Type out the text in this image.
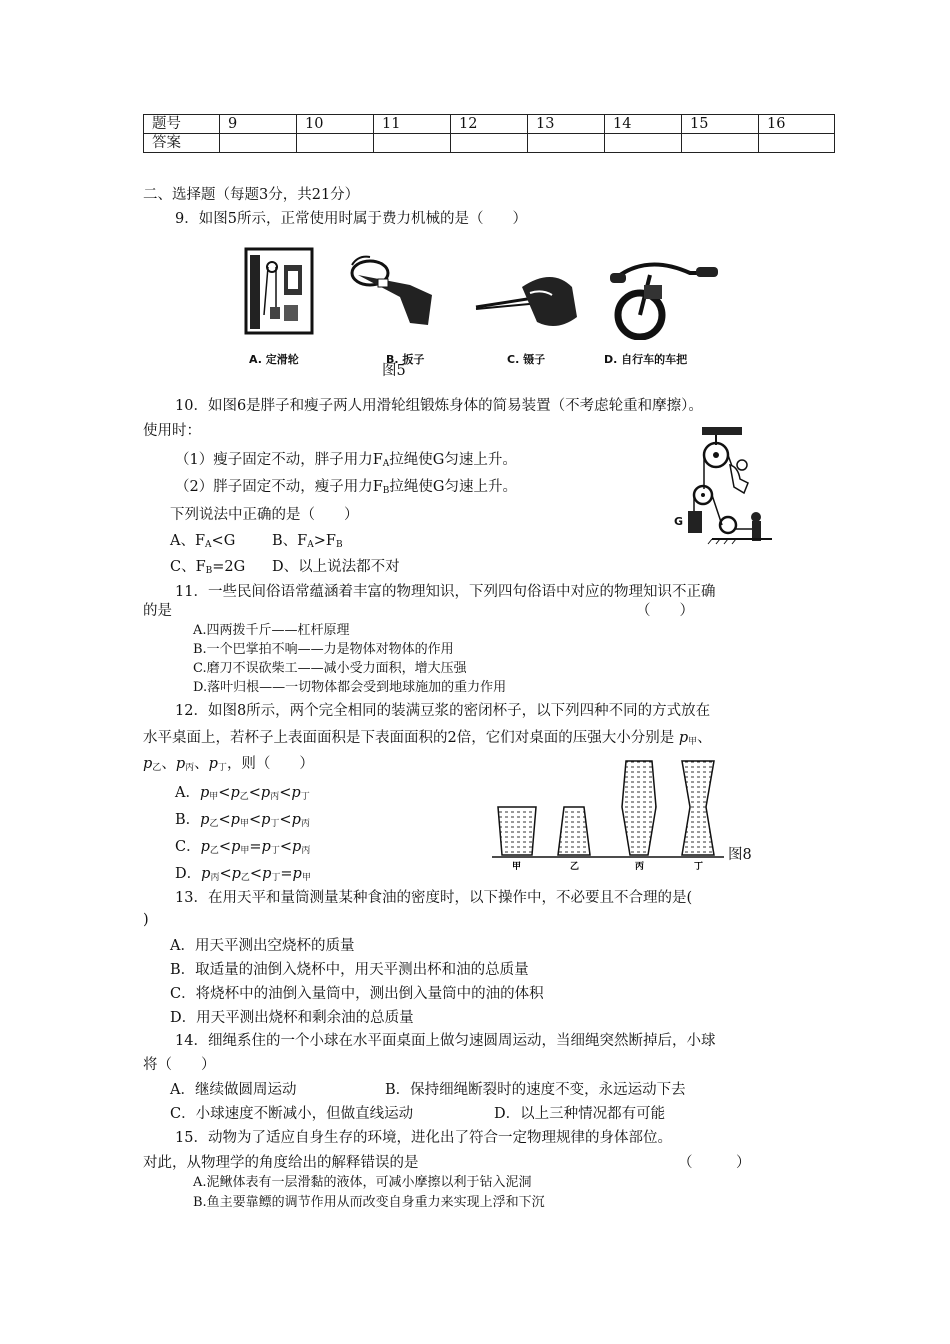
题号	9	10	11	12	13	14	15	16
答案								
二、选择题（每题3分，共21分）
9．如图5所示，正常使用时属于费力机械的是（　　）
A. 定滑轮	B. 扳子	C. 镊子	D. 自行车的车把
图5
10．如图6是胖子和瘦子两人用滑轮组锻炼身体的简易装置（不考虑轮重和摩擦）。
使用时：
（1）瘦子固定不动，胖子用力$F_A$拉绳使G匀速上升。
（2）胖子固定不动，瘦子用力$F_B$拉绳使G匀速上升。
下列说法中正确的是（　　）
A、$F_A<G$	B、$F_A>F_B$
C、$F_B=2G$ D、以上说法都不对
G
11．一些民间俗语常蕴涵着丰富的物理知识，下列四句俗语中对应的物理知识不正确
的是	（　　）
A.四两拨千斤——杠杆原理
B.一个巴掌拍不响——力是物体对物体的作用
C.磨刀不误砍柴工——减小受力面积，增大压强
D.落叶归根——一切物体都会受到地球施加的重力作用
12．如图8所示，两个完全相同的装满豆浆的密闭杯子，以下列四种不同的方式放在
水平桌面上，若杯子上表面面积是下表面面积的2倍，它们对桌面的压强大小分别是 $p_甲$、
$p_乙$、$p_丙$、$p_丁$，则（　　）
A．$p_甲<p_乙<p_丙<p_丁$
B．$p_乙<p_甲<p_丁<p_丙$
C．$p_乙<p_甲=p_丁<p_丙$
D．$p_丙<p_乙<p_丁=p_甲$
甲	乙	丙	丁
图8
13．在用天平和量筒测量某种食油的密度时，以下操作中，不必要且不合理的是(
)
A．用天平测出空烧杯的质量
B．取适量的油倒入烧杯中，用天平测出杯和油的总质量
C．将烧杯中的油倒入量筒中，测出倒入量筒中的油的体积
D．用天平测出烧杯和剩余油的总质量
14．细绳系住的一个小球在水平面桌面上做匀速圆周运动，当细绳突然断掉后，小球
将（　　）
A．继续做圆周运动	B．保持细绳断裂时的速度不变，永远运动下去
C．小球速度不断减小，但做直线运动	D．以上三种情况都有可能
15．动物为了适应自身生存的环境，进化出了符合一定物理规律的身体部位。
对此，从物理学的角度给出的解释错误的是	（　　　）
A.泥鳅体表有一层滑黏的液体，可减小摩擦以利于钻入泥洞
B.鱼主要靠鳔的调节作用从而改变自身重力来实现上浮和下沉
